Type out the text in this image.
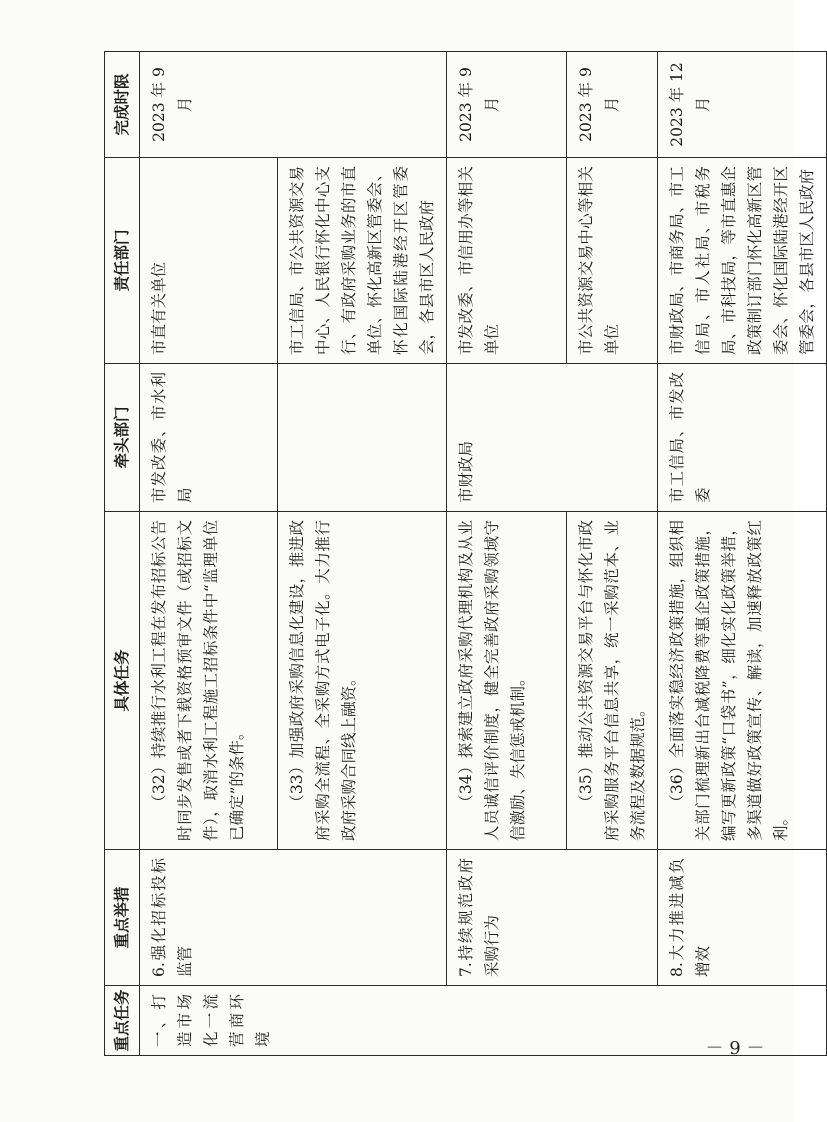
重点任务	重点举措	具体任务	牵头部门	责任部门	完成时限
一、打造市场化一流营商环境	6.强化招标投标监管	（32）持续推行水利工程在发布招标公告时同步发售或者下载资格预审文件（或招标文件），取消水利工程施工招标条件中“监理单位已确定”的条件。	市发改委、市水利局	市直有关单位	2023 年 9 月
		（33）加强政府采购信息化建设，推进政府采购全流程、全采购方式电子化。大力推行政府采购合同线上融资。		市工信局、市公共资源交易中心、人民银行怀化中心支行、有政府采购业务的市直单位、怀化高新区管委会、怀化国际陆港经开区管委会，各县市区人民政府	
	7.持续规范政府采购行为	（34）探索建立政府采购代理机构及从业人员诚信评价制度，健全完善政府采购领域守信激励、失信惩戒机制。	市财政局	市发改委、市信用办等相关单位	2023 年 9 月
		（35）推动公共资源交易平台与怀化市政府采购服务平台信息共享，统一采购范本、业务流程及数据规范。		市公共资源交易中心等相关单位	2023 年 9 月
	8.大力推进减负增效	（36）全面落实稳经济政策措施，组织相关部门梳理新出台减税降费等惠企政策措施，编写更新政策“口袋书”，细化实化政策举措，多渠道做好政策宣传、解读，加速释放政策红利。	市工信局、市发改委	市财政局、市商务局、市工信局、市人社局、市税务局、市科技局，等市直惠企政策制订部门怀化高新区管委会、怀化国际陆港经开区管委会，各县市区人民政府	2023 年 12 月
－ 9 －
